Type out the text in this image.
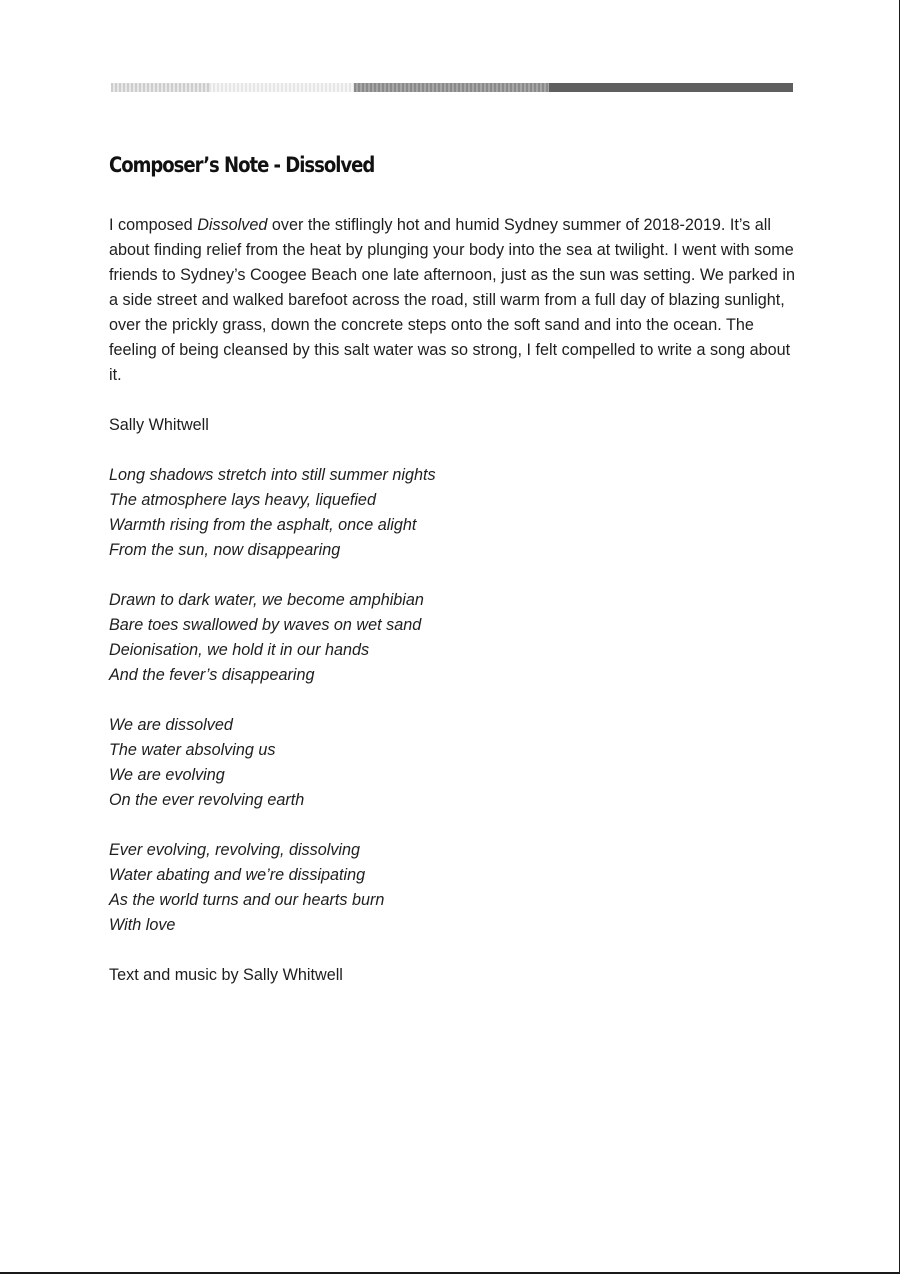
Composer’s Note - Dissolved

I composed Dissolved over the stiflingly hot and humid Sydney summer of 2018-2019. It’s all about finding relief from the heat by plunging your body into the sea at twilight. I went with some friends to Sydney’s Coogee Beach one late afternoon, just as the sun was setting. We parked in a side street and walked barefoot across the road, still warm from a full day of blazing sunlight, over the prickly grass, down the concrete steps onto the soft sand and into the ocean. The feeling of being cleansed by this salt water was so strong, I felt compelled to write a song about it.

Sally Whitwell

Long shadows stretch into still summer nights
The atmosphere lays heavy, liquefied
Warmth rising from the asphalt, once alight
From the sun, now disappearing
Drawn to dark water, we become amphibian
Bare toes swallowed by waves on wet sand
Deionisation, we hold it in our hands
And the fever’s disappearing
We are dissolved
The water absolving us
We are evolving
On the ever revolving earth
Ever evolving, revolving, dissolving
Water abating and we’re dissipating
As the world turns and our hearts burn
With love

Text and music by Sally Whitwell
